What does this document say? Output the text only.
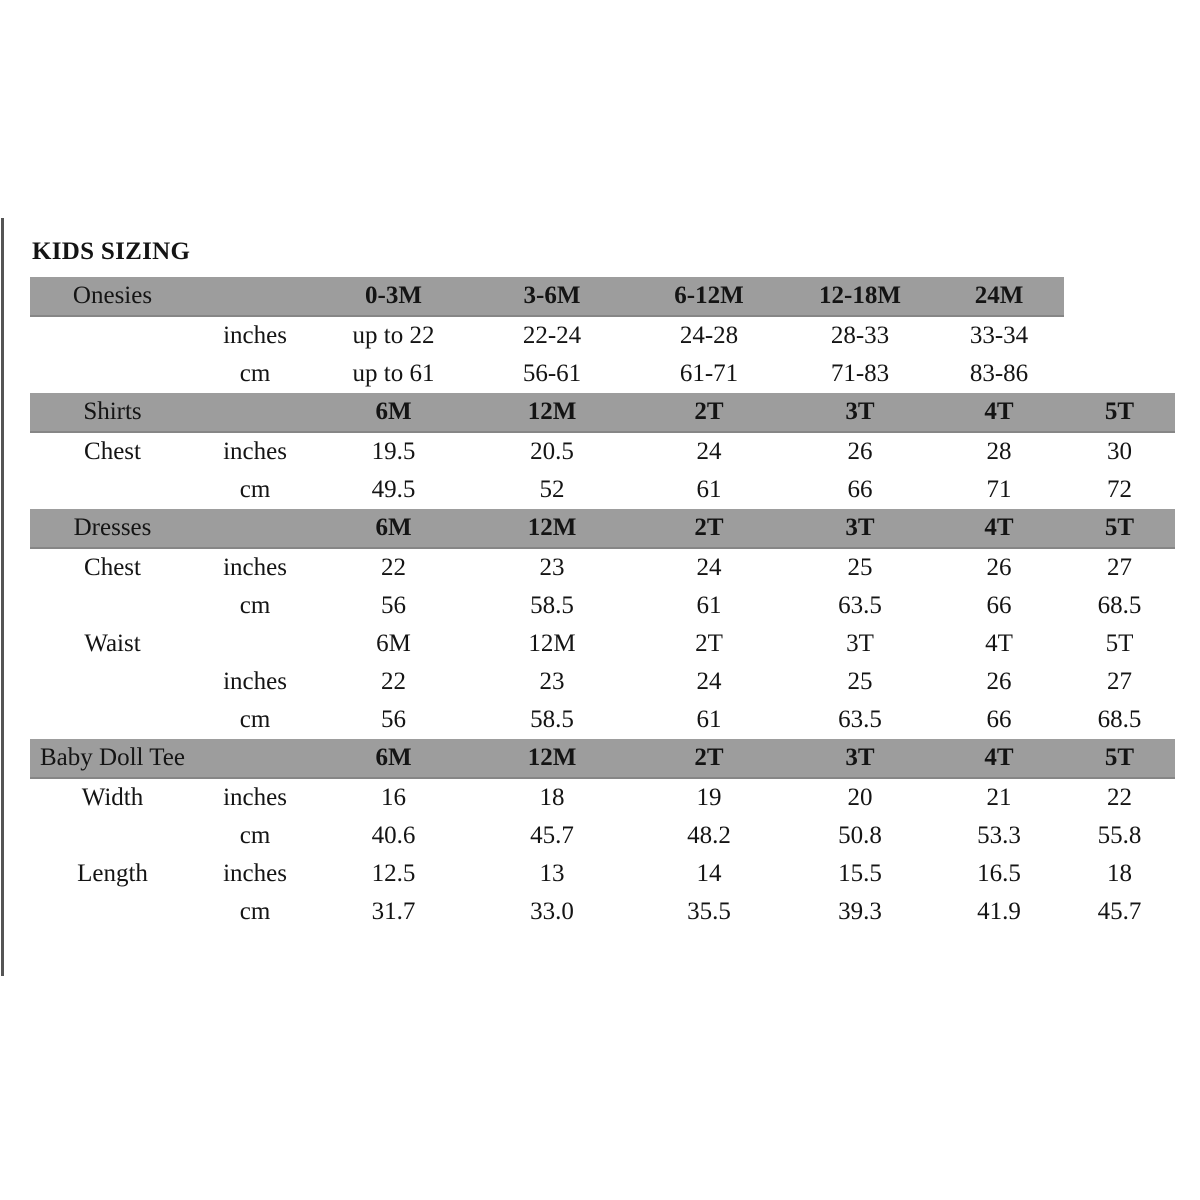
KIDS SIZING
Onesies		0-3M	3-6M	6-12M	12-18M	24M	
	inches	up to 22	22-24	24-28	28-33	33-34	
	cm	up to 61	56-61	61-71	71-83	83-86	
Shirts		6M	12M	2T	3T	4T	5T
Chest	inches	19.5	20.5	24	26	28	30
	cm	49.5	52	61	66	71	72
Dresses		6M	12M	2T	3T	4T	5T
Chest	inches	22	23	24	25	26	27
	cm	56	58.5	61	63.5	66	68.5
Waist		6M	12M	2T	3T	4T	5T
	inches	22	23	24	25	26	27
	cm	56	58.5	61	63.5	66	68.5
Baby Doll Tee		6M	12M	2T	3T	4T	5T
Width	inches	16	18	19	20	21	22
	cm	40.6	45.7	48.2	50.8	53.3	55.8
Length	inches	12.5	13	14	15.5	16.5	18
	cm	31.7	33.0	35.5	39.3	41.9	45.7
